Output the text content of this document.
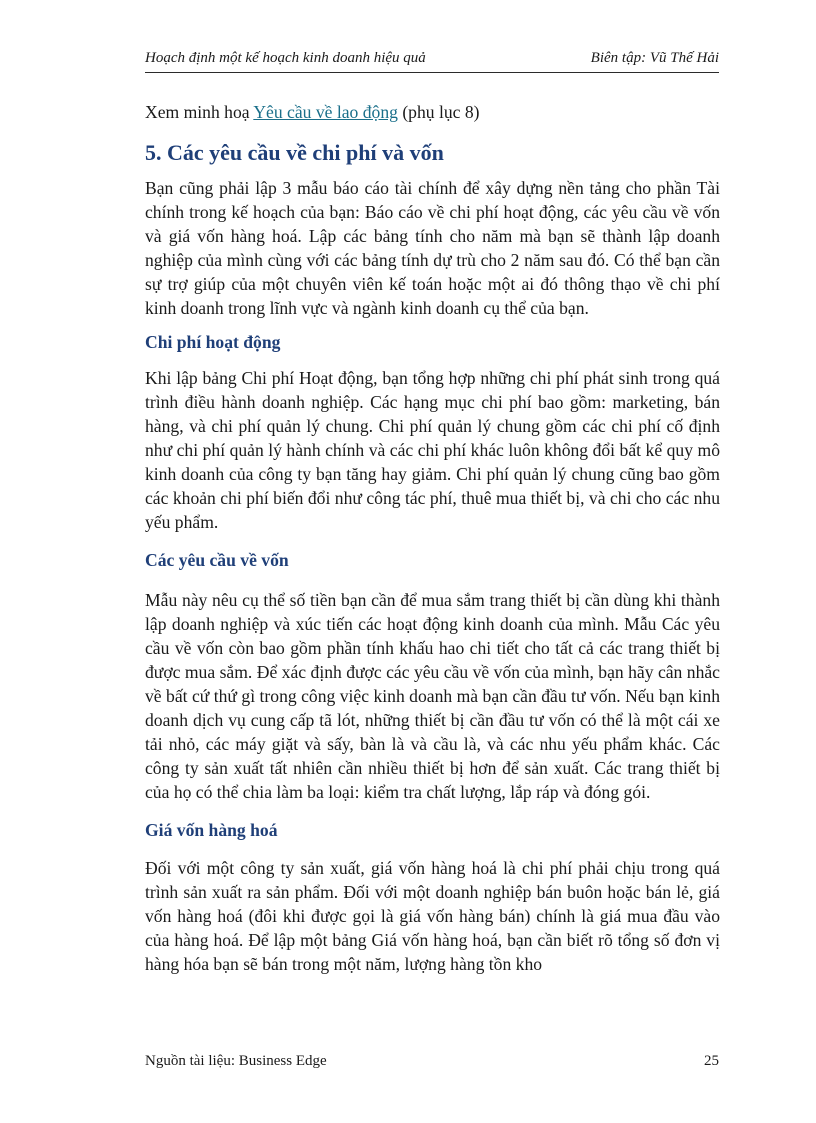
Hoạch định một kế hoạch kinh doanh hiệu quả	Biên tập: Vũ Thế Hải

Xem minh hoạ Yêu cầu về lao động (phụ lục 8)

5. Các yêu cầu về chi phí và vốn

Bạn cũng phải lập 3 mẫu báo cáo tài chính để xây dựng nền tảng cho phần Tài chính trong kế hoạch của bạn: Báo cáo về chi phí hoạt động, các yêu cầu về vốn và giá vốn hàng hoá. Lập các bảng tính cho năm mà bạn sẽ thành lập doanh nghiệp của mình cùng với các bảng tính dự trù cho 2 năm sau đó. Có thể bạn cần sự trợ giúp của một chuyên viên kế toán hoặc một ai đó thông thạo về chi phí kinh doanh trong lĩnh vực và ngành kinh doanh cụ thể của bạn.

Chi phí hoạt động

Khi lập bảng Chi phí Hoạt động, bạn tổng hợp những chi phí phát sinh trong quá trình điều hành doanh nghiệp. Các hạng mục chi phí bao gồm: marketing, bán hàng, và chi phí quản lý chung. Chi phí quản lý chung gồm các chi phí cố định như chi phí quản lý hành chính và các chi phí khác luôn không đổi bất kể quy mô kinh doanh của công ty bạn tăng hay giảm. Chi phí quản lý chung cũng bao gồm các khoản chi phí biến đổi như công tác phí, thuê mua thiết bị, và chi cho các nhu yếu phẩm.

Các yêu cầu về vốn

Mẫu này nêu cụ thể số tiền bạn cần để mua sắm trang thiết bị cần dùng khi thành lập doanh nghiệp và xúc tiến các hoạt động kinh doanh của mình. Mẫu Các yêu cầu về vốn còn bao gồm phần tính khấu hao chi tiết cho tất cả các trang thiết bị được mua sắm. Để xác định được các yêu cầu về vốn của mình, bạn hãy cân nhắc về bất cứ thứ gì trong công việc kinh doanh mà bạn cần đầu tư vốn. Nếu bạn kinh doanh dịch vụ cung cấp tã lót, những thiết bị cần đầu tư vốn có thể là một cái xe tải nhỏ, các máy giặt và sấy, bàn là và cầu là, và các nhu yếu phẩm khác. Các công ty sản xuất tất nhiên cần nhiều thiết bị hơn để sản xuất. Các trang thiết bị của họ có thể chia làm ba loại: kiểm tra chất lượng, lắp ráp và đóng gói.

Giá vốn hàng hoá

Đối với một công ty sản xuất, giá vốn hàng hoá là chi phí phải chịu trong quá trình sản xuất ra sản phẩm. Đối với một doanh nghiệp bán buôn hoặc bán lẻ, giá vốn hàng hoá (đôi khi được gọi là giá vốn hàng bán) chính là giá mua đầu vào của hàng hoá. Để lập một bảng Giá vốn hàng hoá, bạn cần biết rõ tổng số đơn vị hàng hóa bạn sẽ bán trong một năm, lượng hàng tồn kho

Nguồn tài liệu: Business Edge	25
